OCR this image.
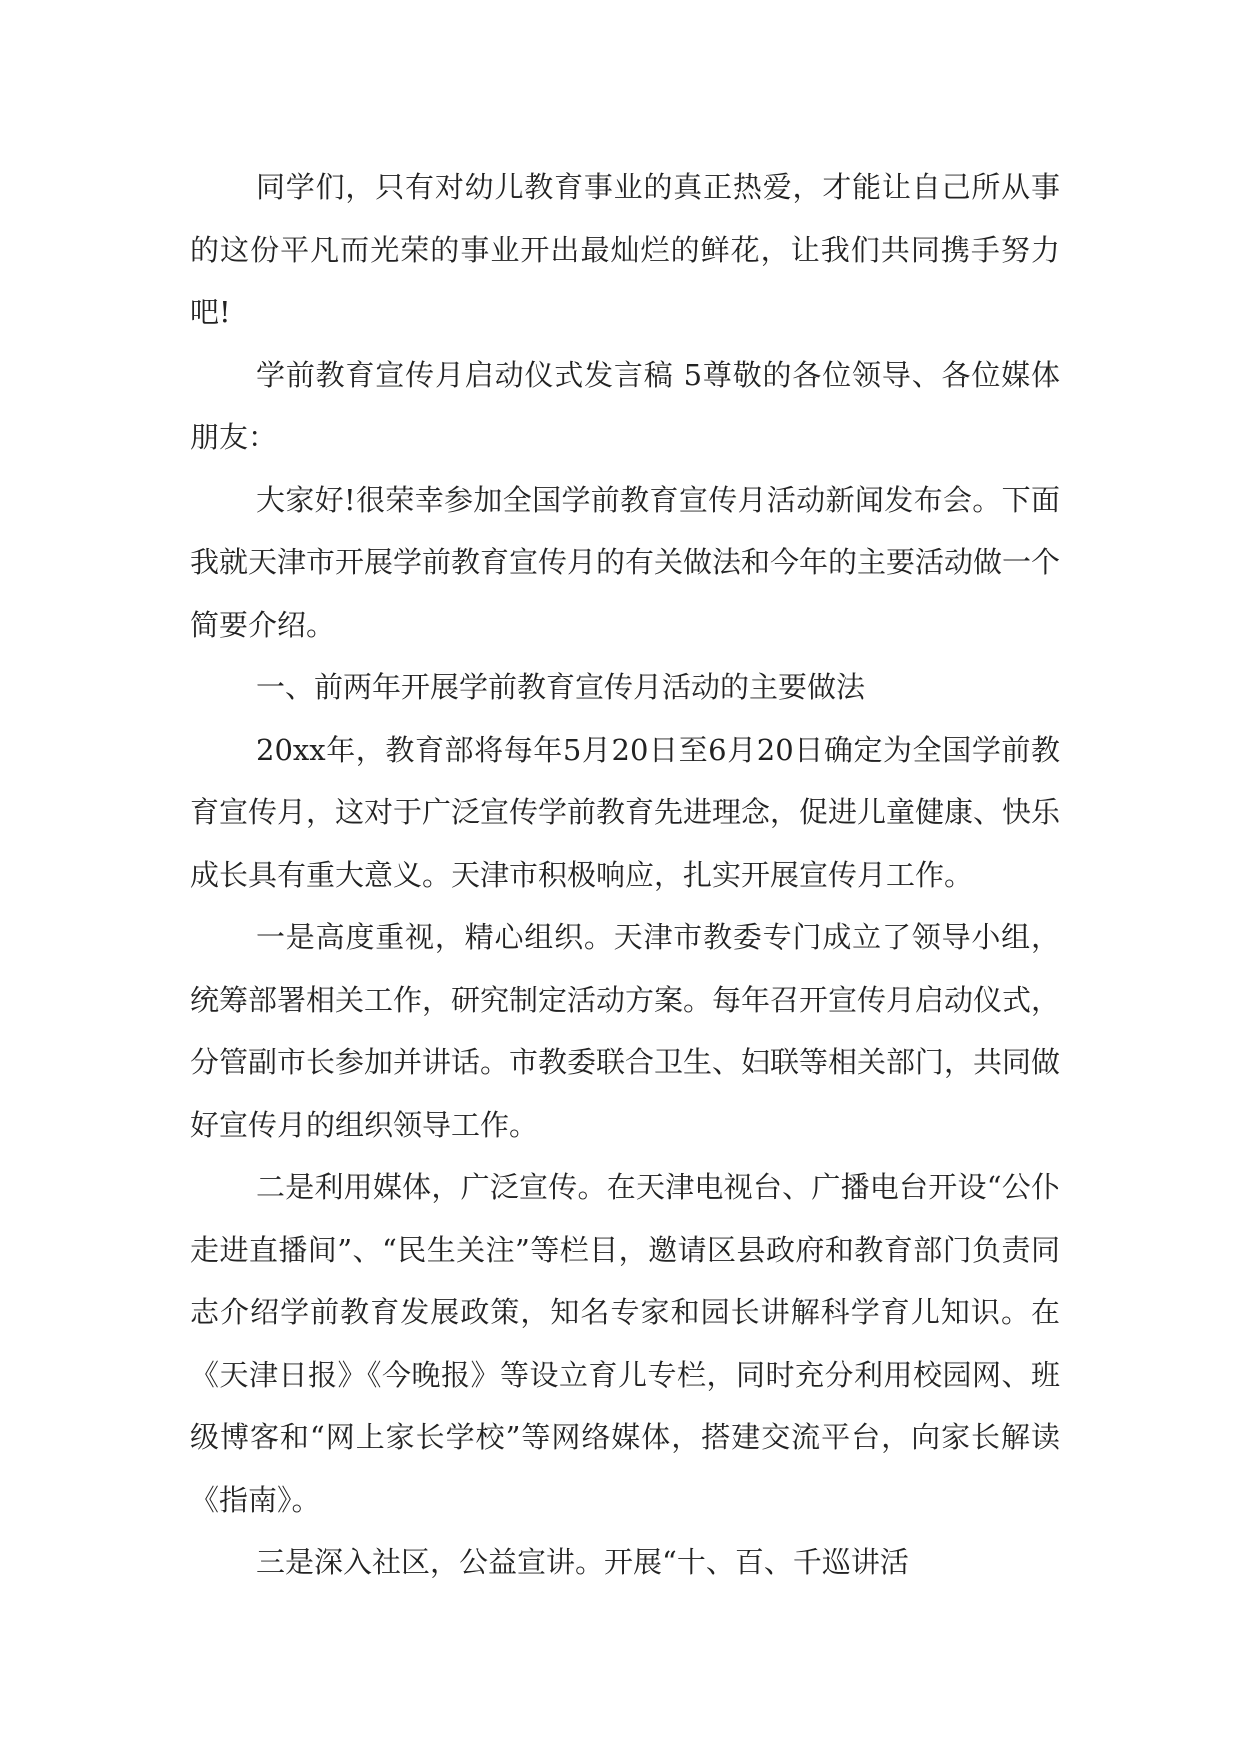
同学们，只有对幼儿教育事业的真正热爱，才能让自己所从事的这份平凡而光荣的事业开出最灿烂的鲜花，让我们共同携手努力吧!

学前教育宣传月启动仪式发言稿 5尊敬的各位领导、各位媒体朋友：

大家好!很荣幸参加全国学前教育宣传月活动新闻发布会。下面我就天津市开展学前教育宣传月的有关做法和今年的主要活动做一个简要介绍。

一、前两年开展学前教育宣传月活动的主要做法

20xx年，教育部将每年5月20日至6月20日确定为全国学前教育宣传月，这对于广泛宣传学前教育先进理念，促进儿童健康、快乐成长具有重大意义。天津市积极响应，扎实开展宣传月工作。

一是高度重视，精心组织。天津市教委专门成立了领导小组，统筹部署相关工作，研究制定活动方案。每年召开宣传月启动仪式，分管副市长参加并讲话。市教委联合卫生、妇联等相关部门，共同做好宣传月的组织领导工作。

二是利用媒体，广泛宣传。在天津电视台、广播电台开设“公仆走进直播间”、“民生关注”等栏目，邀请区县政府和教育部门负责同志介绍学前教育发展政策，知名专家和园长讲解科学育儿知识。在《天津日报》《今晚报》等设立育儿专栏，同时充分利用校园网、班级博客和“网上家长学校”等网络媒体，搭建交流平台，向家长解读《指南》。

三是深入社区，公益宣讲。开展“十、百、千巡讲活
